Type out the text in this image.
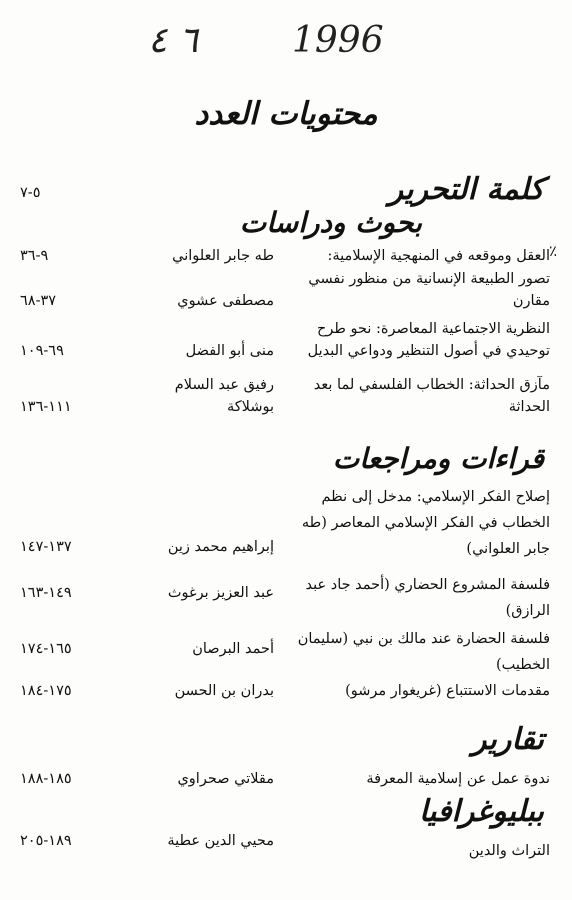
1996
٦ ٤
محتويات العدد
كلمة التحرير
٥-٧
بحوث ودراسات
٪
العقل وموقعه في المنهجية الإسلامية:
طه جابر العلواني
٩-٣٦
تصور الطبيعة الإنسانية من منظور نفسي
مقارن
مصطفى عشوي
٣٧-٦٨
النظرية الاجتماعية المعاصرة: نحو طرح
توحيدي في أصول التنظير ودواعي البديل
منى أبو الفضل
٦٩-١٠٩
مآزق الحداثة: الخطاب الفلسفي لما بعد
الحداثة
رفيق عبد السلام
بوشلاكة
١١١-١٣٦
قراءات ومراجعات
إصلاح الفكر الإسلامي: مدخل إلى نظم
الخطاب في الفكر الإسلامي المعاصر (طه
جابر العلواني)
إبراهيم محمد زين
١٣٧-١٤٧
فلسفة المشروع الحضاري (أحمد جاد عبد
الرازق)
عبد العزيز برغوث
١٤٩-١٦٣
فلسفة الحضارة عند مالك بن نبي (سليمان
الخطيب)
أحمد البرصان
١٦٥-١٧٤
مقدمات الاستتباع (غريغوار مرشو)
بدران بن الحسن
١٧٥-١٨٤
تقارير
ندوة عمل عن إسلامية المعرفة
مقلاتي صحراوي
١٨٥-١٨٨
ببليوغرافيا
التراث والدين
محيي الدين عطية
١٨٩-٢٠٥
